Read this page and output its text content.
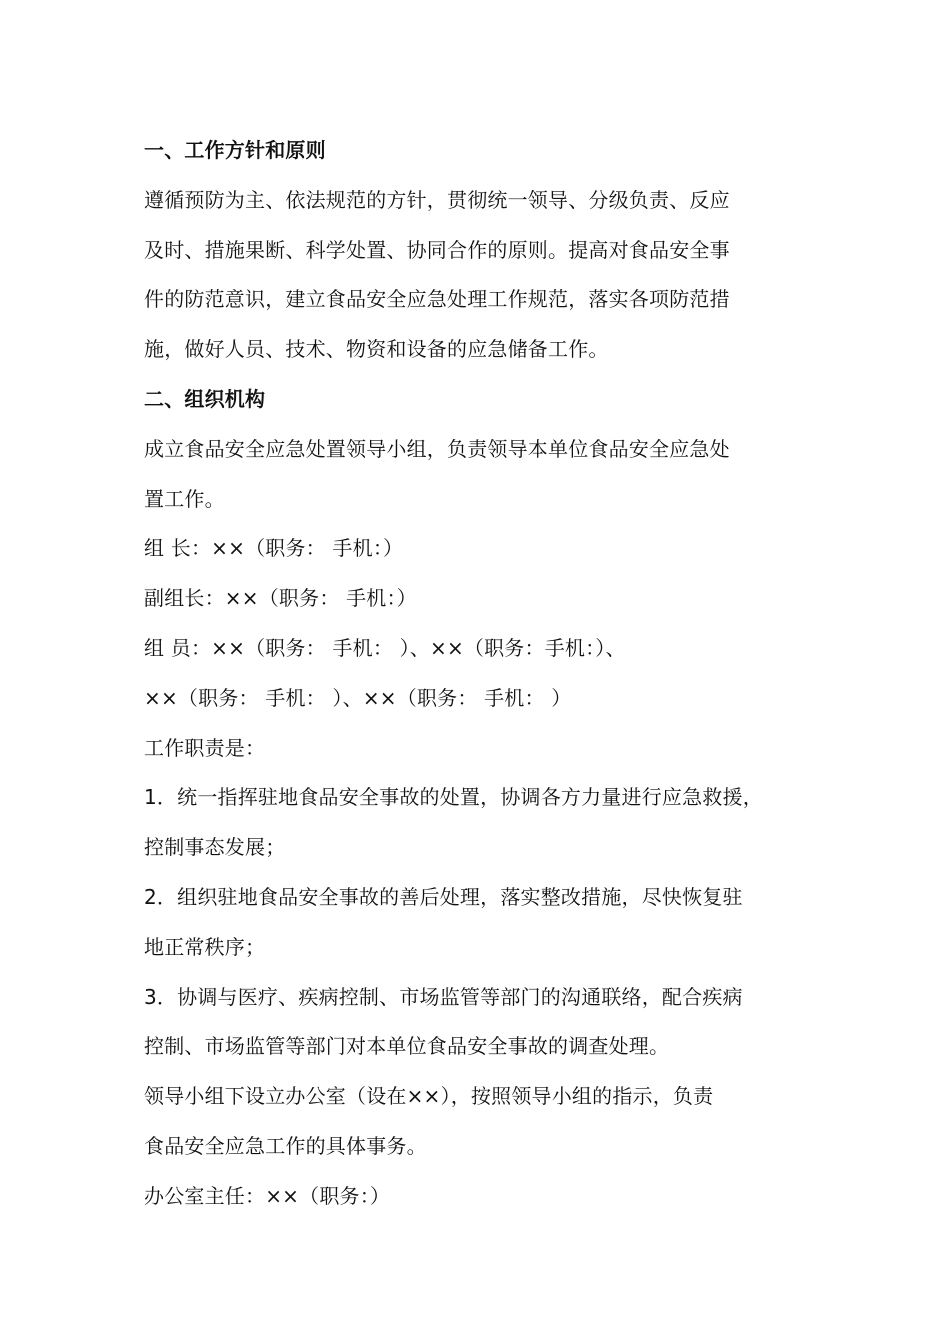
一、工作方针和原则
遵循预防为主、依法规范的方针，贯彻统一领导、分级负责、反应
及时、措施果断、科学处置、协同合作的原则。提高对食品安全事
件的防范意识，建立食品安全应急处理工作规范，落实各项防范措
施，做好人员、技术、物资和设备的应急储备工作。
二、组织机构
成立食品安全应急处置领导小组，负责领导本单位食品安全应急处
置工作。
组 长：××（职务： 手机：）
副组长：××（职务： 手机：）
组 员：××（职务： 手机： ）、××（职务：手机：）、
××（职务： 手机： ）、××（职务： 手机： ）
工作职责是：
1．统一指挥驻地食品安全事故的处置，协调各方力量进行应急救援，
控制事态发展；
2．组织驻地食品安全事故的善后处理，落实整改措施，尽快恢复驻
地正常秩序；
3．协调与医疗、疾病控制、市场监管等部门的沟通联络，配合疾病
控制、市场监管等部门对本单位食品安全事故的调查处理。
领导小组下设立办公室（设在××），按照领导小组的指示，负责
食品安全应急工作的具体事务。
办公室主任：××（职务：）
